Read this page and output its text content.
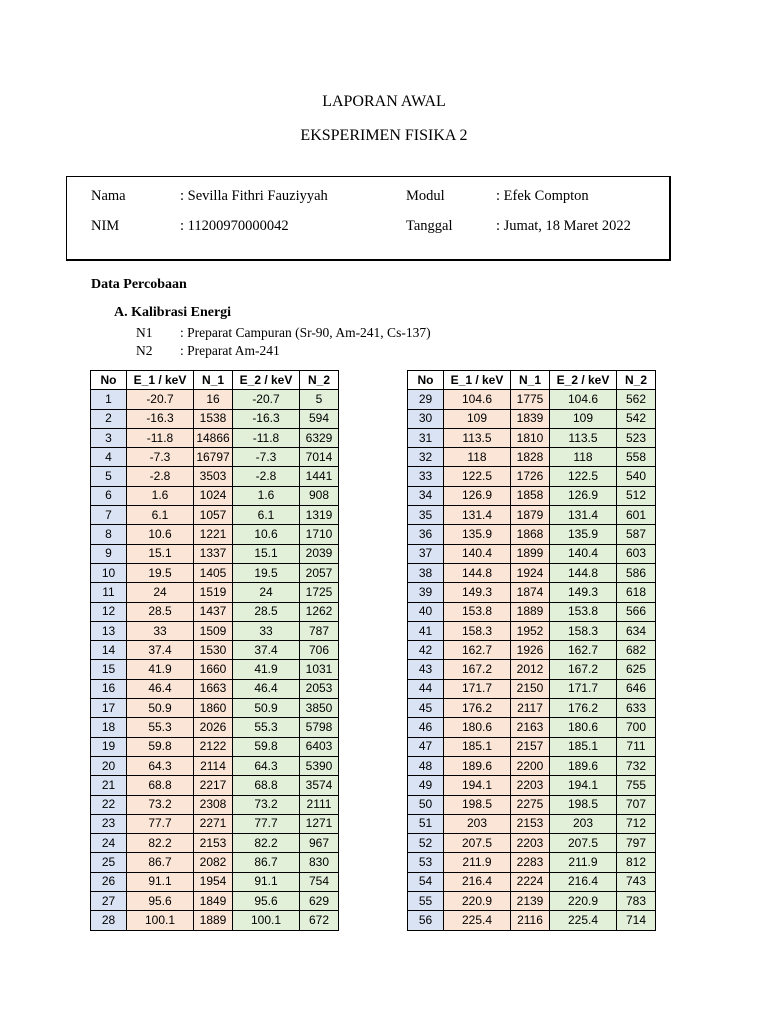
LAPORAN AWAL
EKSPERIMEN FISIKA 2
Nama	: Sevilla Fithri Fauziyyah
NIM	: 11200970000042
Modul	: Efek Compton
Tanggal	: Jumat, 18 Maret 2022
Data Percobaan
A. Kalibrasi Energi
N1 : Preparat Campuran (Sr-90, Am-241, Cs-137)
N2 : Preparat Am-241
No	E_1 / keV	N_1	E_2 / keV	N_2
1	-20.7	16	-20.7	5
2	-16.3	1538	-16.3	594
3	-11.8	14866	-11.8	6329
4	-7.3	16797	-7.3	7014
5	-2.8	3503	-2.8	1441
6	1.6	1024	1.6	908
7	6.1	1057	6.1	1319
8	10.6	1221	10.6	1710
9	15.1	1337	15.1	2039
10	19.5	1405	19.5	2057
11	24	1519	24	1725
12	28.5	1437	28.5	1262
13	33	1509	33	787
14	37.4	1530	37.4	706
15	41.9	1660	41.9	1031
16	46.4	1663	46.4	2053
17	50.9	1860	50.9	3850
18	55.3	2026	55.3	5798
19	59.8	2122	59.8	6403
20	64.3	2114	64.3	5390
21	68.8	2217	68.8	3574
22	73.2	2308	73.2	2111
23	77.7	2271	77.7	1271
24	82.2	2153	82.2	967
25	86.7	2082	86.7	830
26	91.1	1954	91.1	754
27	95.6	1849	95.6	629
28	100.1	1889	100.1	672
No	E_1 / keV	N_1	E_2 / keV	N_2
29	104.6	1775	104.6	562
30	109	1839	109	542
31	113.5	1810	113.5	523
32	118	1828	118	558
33	122.5	1726	122.5	540
34	126.9	1858	126.9	512
35	131.4	1879	131.4	601
36	135.9	1868	135.9	587
37	140.4	1899	140.4	603
38	144.8	1924	144.8	586
39	149.3	1874	149.3	618
40	153.8	1889	153.8	566
41	158.3	1952	158.3	634
42	162.7	1926	162.7	682
43	167.2	2012	167.2	625
44	171.7	2150	171.7	646
45	176.2	2117	176.2	633
46	180.6	2163	180.6	700
47	185.1	2157	185.1	711
48	189.6	2200	189.6	732
49	194.1	2203	194.1	755
50	198.5	2275	198.5	707
51	203	2153	203	712
52	207.5	2203	207.5	797
53	211.9	2283	211.9	812
54	216.4	2224	216.4	743
55	220.9	2139	220.9	783
56	225.4	2116	225.4	714
